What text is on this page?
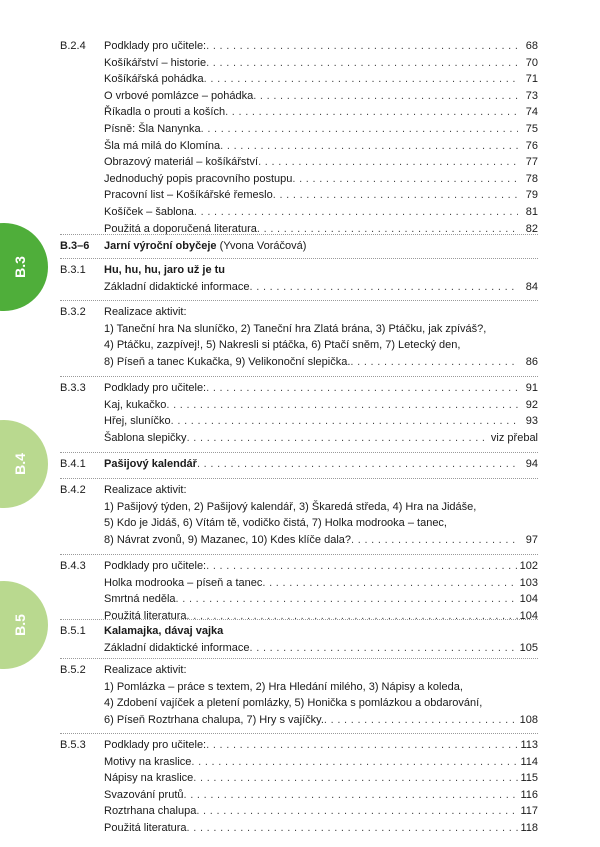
B.3
B.4
B.5
B.2.4	Podklady pro učitele: . . .	68
Košíkářství – historie . . .	70
Košíkářská pohádka . . .	71
O vrbové pomlázce – pohádka . . .	73
Říkadla o prouti a koších . . .	74
Písně: Šla Nanynka . . .	75
Šla má milá do Klomína . . .	76
Obrazový materiál – košíkářství . . .	77
Jednoduchý popis pracovního postupu . . .	78
Pracovní list – Košíkářské řemeslo . . .	79
Košíček – šablona . . .	81
Použitá a doporučená literatura . . .	82
B.3–6	Jarní výroční obyčeje
(Yvona Voráčová)
B.3.1	Hu, hu, hu, jaro už je tu
Základní didaktické informace . . .	84
B.3.2	Realizace aktivit:
1) Taneční hra Na sluníčko, 2) Taneční hra Zlatá brána, 3) Ptáčku, jak zpíváš?,
4) Ptáčku, zazpívej!, 5) Nakresli si ptáčka, 6) Ptačí sněm, 7) Letecký den,
8) Píseň a tanec Kukačka, 9) Velikonoční slepička. . . .	86
B.3.3	Podklady pro učitele: . . .	91
Kaj, kukačko . . .	92
Hřej, sluníčko . . .	93
Šablona slepičky . . .	viz přebal
B.4.1	Pašijový kalendář . . .	94
B.4.2	Realizace aktivit:
1) Pašijový týden, 2) Pašijový kalendář, 3) Škaredá středa, 4) Hra na Jidáše,
5) Kdo je Jidáš, 6) Vítám tě, vodičko čistá, 7) Holka modrooka – tanec,
8) Návrat zvonů, 9) Mazanec, 10) Kdes klíče dala? . . .	97
B.4.3	Podklady pro učitele: . . .	102
Holka modrooka – píseň a tanec . . .	103
Smrtná neděla . . .	104
Použitá literatura . . .	104
B.5.1	Kalamajka, dávaj vajka
Základní didaktické informace . . .	105
B.5.2	Realizace aktivit:
1) Pomlázka – práce s textem, 2) Hra Hledání milého, 3) Nápisy a koleda,
4) Zdobení vajíček a pletení pomlázky, 5) Honička s pomlázkou a obdarování,
6) Píseň Roztrhana chalupa, 7) Hry s vajíčky. . . .	108
B.5.3	Podklady pro učitele: . . .	113
Motivy na kraslice . . .	114
Nápisy na kraslice . . .	115
Svazování prutů . . .	116
Roztrhana chalupa . . .	117
Použitá literatura . . .	118
